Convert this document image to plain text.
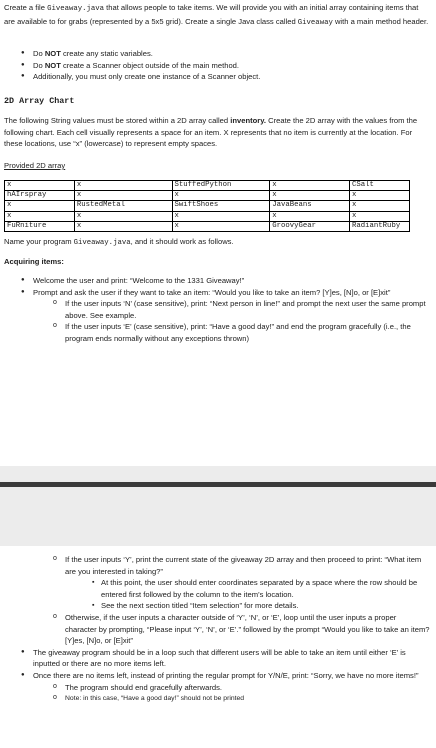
Create a file Giveaway.java that allows people to take items. We will provide you with an initial array containing items that are available to for grabs (represented by a 5x5 grid). Create a single Java class called Giveaway with a main method header.

● Do NOT create any static variables.
● Do NOT create a Scanner object outside of the main method.
● Additionally, you must only create one instance of a Scanner object.
2D Array Chart

The following String values must be stored within a 2D array called inventory. Create the 2D array with the values from the following chart. Each cell visually represents a space for an item. X represents that no item is currently at the location. For these locations, use “x” (lowercase) to represent empty spaces.

Provided 2D array
x	x	StuffedPython	x	CSalt
hAIrspray	x	x	x	x
x	RustedMetal	SwiftShoes	JavaBeans	x
x	x	x	x	x
FuRniture	x	x	GroovyGear	RadiantRuby

Name your program Giveaway.java, and it should work as follows.

Acquiring items:
● Welcome the user and print: “Welcome to the 1331 Giveaway!”
● Prompt and ask the user if they want to take an item: “Would you like to take an item? [Y]es, [N]o, or [E]xit”
o If the user inputs ‘N’ (case sensitive), print: “Next person in line!” and prompt the next user the same prompt above. See example.
o If the user inputs ‘E’ (case sensitive), print: “Have a good day!” and end the program gracefully (i.e., the program ends normally without any exceptions thrown)
o If the user inputs ‘Y’, print the current state of the giveaway 2D array and then proceed to print: “What item are you interested in taking?”
▪ At this point, the user should enter coordinates separated by a space where the row should be entered first followed by the column to the item’s location.
▪ See the next section titled “Item selection” for more details.
o Otherwise, if the user inputs a character outside of ‘Y’, ‘N’, or ‘E’, loop until the user inputs a proper character by prompting, “Please input ‘Y’, ‘N’, or ‘E’.” followed by the prompt “Would you like to take an item? [Y]es, [N]o, or [E]xit”
● The giveaway program should be in a loop such that different users will be able to take an item until either ‘E’ is inputted or there are no more items left.
● Once there are no items left, instead of printing the regular prompt for Y/N/E, print: “Sorry, we have no more items!”
o The program should end gracefully afterwards.
o Note: in this case, “Have a good day!” should not be printed
